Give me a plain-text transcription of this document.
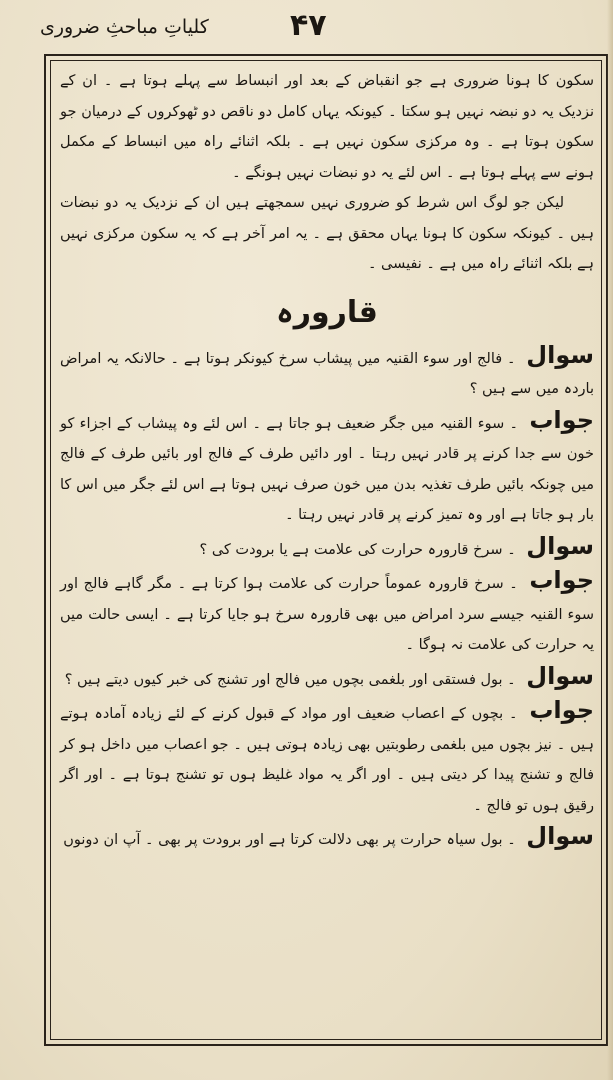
کلیاتِ مباحثِ ضروری	۴۷

سکون کا ہونا ضروری ہے جو انقباض کے بعد اور انبساط سے پہلے ہوتا ہے ۔ ان کے نزدیک یہ دو نبضہ نہیں ہو سکتا ۔ کیونکہ یہاں کامل دو ناقص دو ٹھوکروں کے درمیان جو سکون ہوتا ہے ۔ وہ مرکزی سکون نہیں ہے ۔ بلکہ اثنائے راہ میں انبساط کے مکمل ہونے سے پہلے ہوتا ہے ۔ اس لئے یہ دو نبضات نہیں ہونگے ۔

لیکن جو لوگ اس شرط کو ضروری نہیں سمجھتے ہیں ان کے نزدیک یہ دو نبضات ہیں ۔ کیونکہ سکون کا ہونا یہاں محقق ہے ۔ یہ امر آخر ہے کہ یہ سکون مرکزی نہیں ہے بلکہ اثنائے راہ میں ہے ۔ نفیسی ۔

قارورہ

سوال ۔ فالج اور سوء القنیہ میں پیشاب سرخ کیونکر ہوتا ہے ۔ حالانکہ یہ امراض باردہ میں سے ہیں ؟

جواب ۔ سوء القنیہ میں جگر ضعیف ہو جاتا ہے ۔ اس لئے وہ پیشاب کے اجزاء کو خون سے جدا کرنے پر قادر نہیں رہتا ۔ اور دائیں طرف کے فالج اور بائیں طرف کے فالج میں چونکہ بائیں طرف تغذیہ بدن میں خون صرف نہیں ہوتا ہے اس لئے جگر میں اس کا بار ہو جاتا ہے اور وہ تمیز کرنے پر قادر نہیں رہتا ۔

سوال ۔ سرخ قارورہ حرارت کی علامت ہے یا برودت کی ؟

جواب ۔ سرخ قارورہ عموماً حرارت کی علامت ہوا کرتا ہے ۔ مگر گاہے فالج اور سوء القنیہ جیسے سرد امراض میں بھی قارورہ سرخ ہو جایا کرتا ہے ۔ ایسی حالت میں یہ حرارت کی علامت نہ ہوگا ۔

سوال ۔ بول فستقی اور بلغمی بچوں میں فالج اور تشنج کی خبر کیوں دیتے ہیں ؟

جواب ۔ بچوں کے اعصاب ضعیف اور مواد کے قبول کرنے کے لئے زیادہ آمادہ ہوتے ہیں ۔ نیز بچوں میں بلغمی رطوبتیں بھی زیادہ ہوتی ہیں ۔ جو اعصاب میں داخل ہو کر فالج و تشنج پیدا کر دیتی ہیں ۔ اور اگر یہ مواد غلیظ ہوں تو تشنج ہوتا ہے ۔ اور اگر رقیق ہوں تو فالج ۔

سوال ۔ بول سیاہ حرارت پر بھی دلالت کرتا ہے اور برودت پر بھی ۔ آپ ان دونوں
